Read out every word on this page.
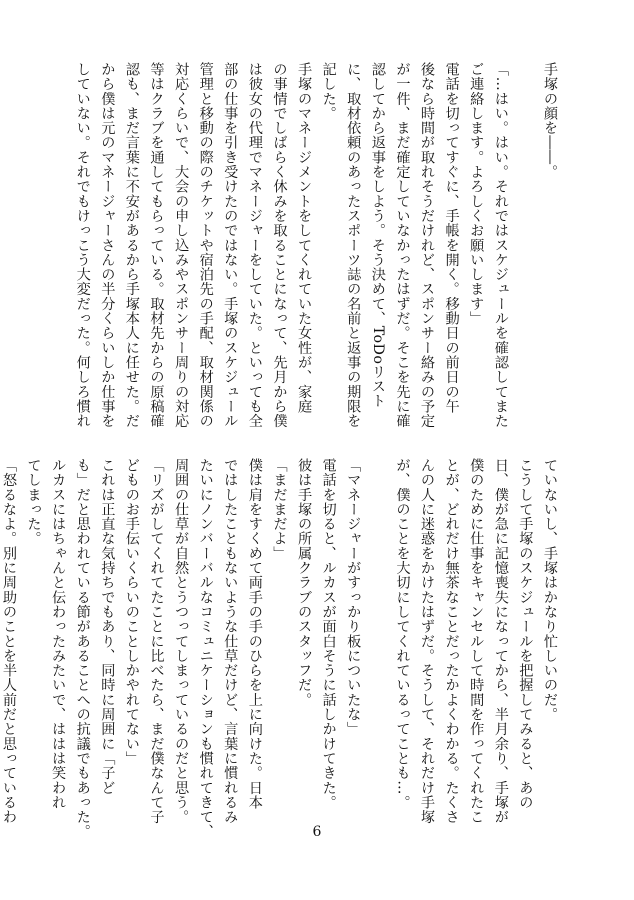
手塚の顔を――。

「…はい。はい。それではスケジュールを確認してまた
ご連絡します。よろしくお願いします」
電話を切ってすぐに、手帳を開く。移動日の前日の午
後なら時間が取れそうだけれど、スポンサー絡みの予定
が一件、まだ確定していなかったはずだ。そこを先に確
認してから返事をしよう。そう決めて、ToDoリスト
に、取材依頼のあったスポーツ誌の名前と返事の期限を
記した。
手塚のマネージメントをしてくれていた女性が、家庭
の事情でしばらく休みを取ることになって、先月から僕
は彼女の代理でマネージャーをしていた。といっても全
部の仕事を引き受けたのではない。手塚のスケジュール
管理と移動の際のチケットや宿泊先の手配、取材関係の
対応くらいで、大会の申し込みやスポンサー周りの対応
等はクラブを通してもらっている。取材先からの原稿確
認も、まだ言葉に不安があるから手塚本人に任せた。だ
から僕は元のマネージャーさんの半分くらいしか仕事を
していない。それでもけっこう大変だった。何しろ慣れ
ていないし、手塚はかなり忙しいのだ。
こうして手塚のスケジュールを把握してみると、あの
日、僕が急に記憶喪失になってから、半月余り、手塚が
僕のために仕事をキャンセルして時間を作ってくれたこ
とが、どれだけ無茶なことだったかよくわかる。たくさ
んの人に迷惑をかけたはずだ。そうして、それだけ手塚
が、僕のことを大切にしてくれているってことも…。

「マネージャーがすっかり板についたな」
電話を切ると、ルカスが面白そうに話しかけてきた。
彼は手塚の所属クラブのスタッフだ。
「まだまだよ」
僕は肩をすくめて両手の手のひらを上に向けた。日本
ではしたこともないような仕草だけど、言葉に慣れるみ
たいにノンバーバルなコミュニケーションも慣れてきて、
周囲の仕草が自然とうつってしまっているのだと思う。
「リズがしてくれてたことに比べたら、まだ僕なんて子
どものお手伝いくらいのことしかやれてない」
これは正直な気持ちでもあり、同時に周囲に「子ど
も」だと思われている節があることへの抗議でもあった。
ルカスにはちゃんと伝わったみたいで、ははは笑われ
てしまった。
「怒るなよ。別に周助のことを半人前だと思っているわ
6
